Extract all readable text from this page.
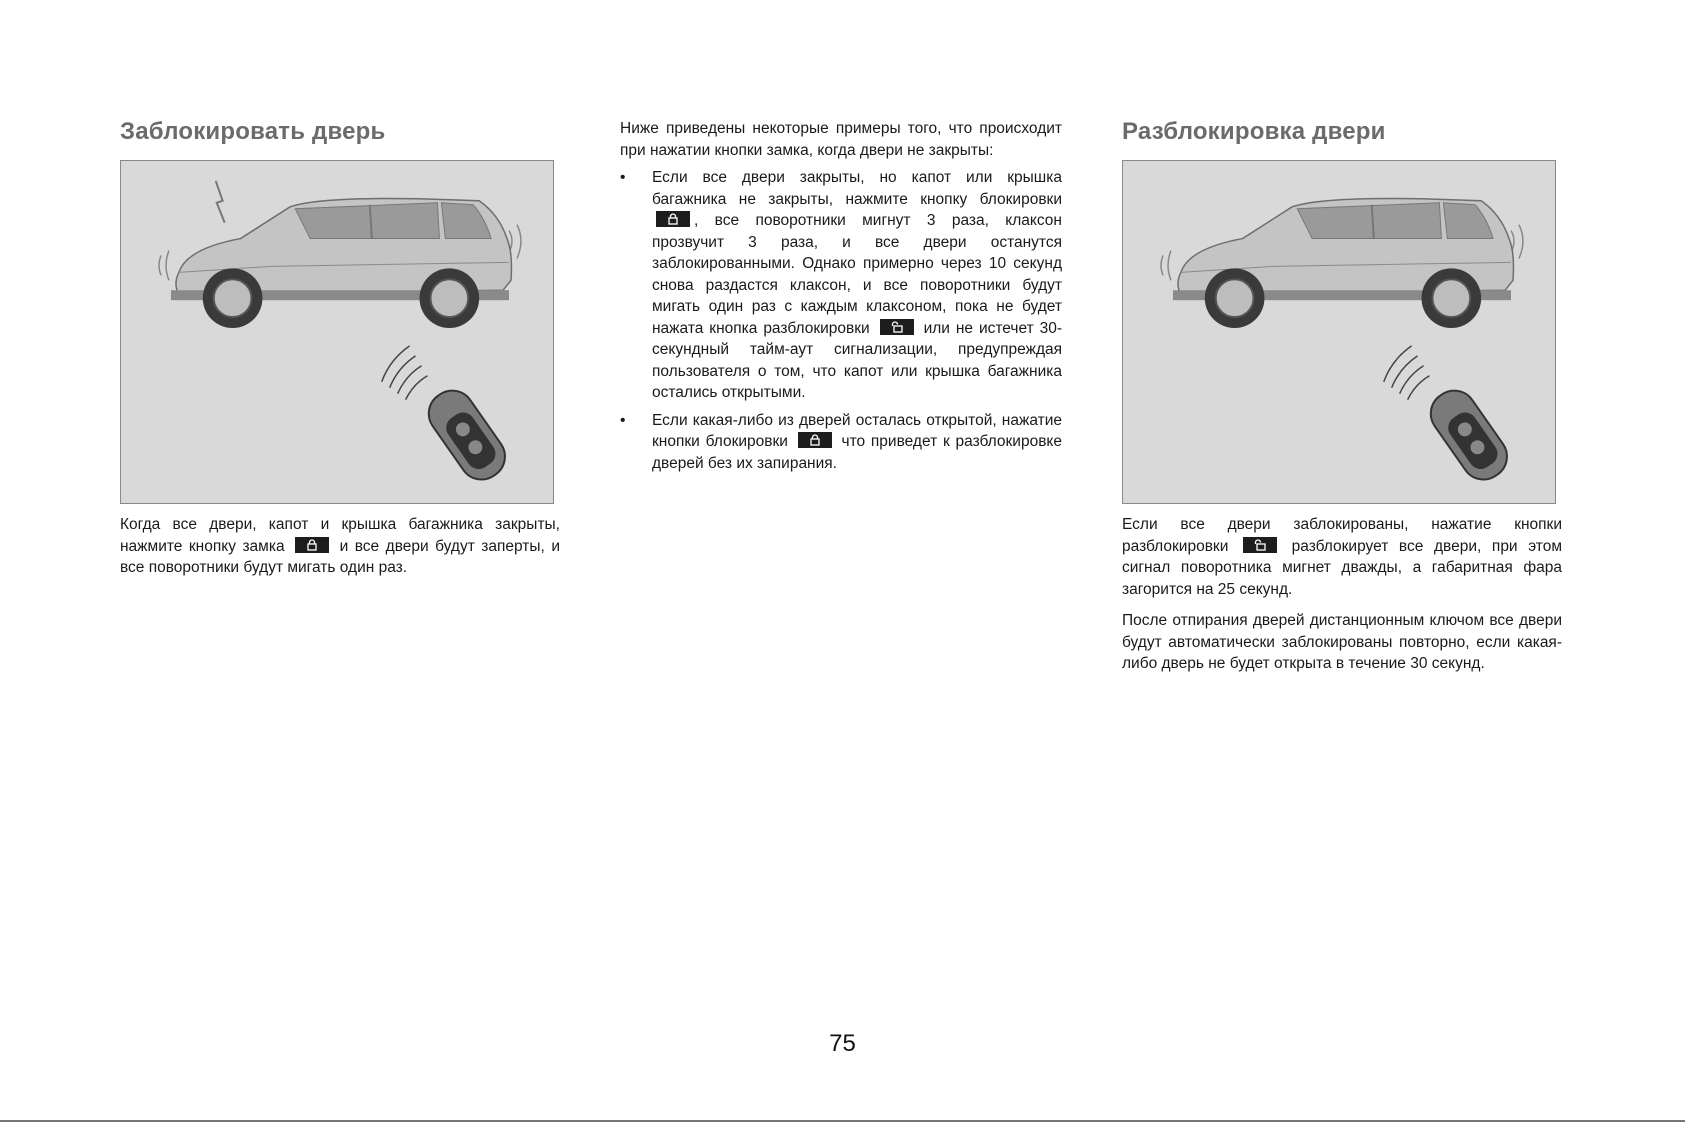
Заблокировать дверь

Когда все двери, капот и крышка багажника закрыты, нажмите кнопку замка	и все двери будут заперты, и все поворотники будут мигать один раз.

Ниже приведены некоторые примеры того, что происходит при нажатии кнопки замка, когда двери не закрыты:

• Если все двери закрыты, но капот или крышка багажника не закрыты, нажмите кнопку блокировки
, все поворотники мигнут 3 раза, клаксон прозвучит 3 раза, и все двери останутся заблокированными. Однако примерно через 10 секунд снова раздастся клаксон, и все поворотники будут мигать один раз с каждым клаксоном, пока не будет нажата кнопка разблокировки	или не истечет 30-секундный тайм-аут сигнализации, предупреждая пользователя о том, что капот или крышка багажника остались открытыми.
• Если какая-либо из дверей осталась открытой, нажатие кнопки блокировки	что приведет к разблокировке дверей без их запирания.
Разблокировка двери

Если все двери заблокированы, нажатие кнопки разблокировки	разблокирует все двери, при этом сигнал поворотника мигнет дважды, а габаритная фара загорится на 25 секунд.

После отпирания дверей дистанционным ключом все двери будут автоматически заблокированы повторно, если какая-либо дверь не будет открыта в течение 30 секунд.

75
